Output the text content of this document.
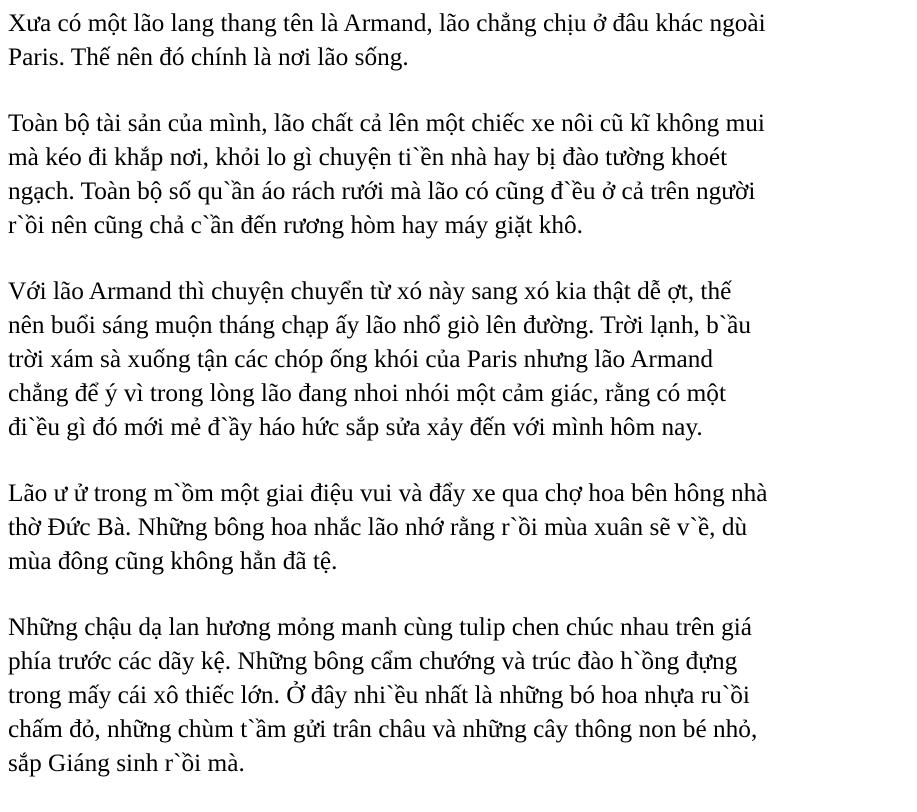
Xưa có một lão lang thang tên là Armand, lão chẳng chịu ở đâu khác ngoài
Paris. Thế nên đó chính là nơi lão sống.

Toàn bộ tài sản của mình, lão chất cả lên một chiếc xe nôi cũ kĩ không mui
mà kéo đi khắp nơi, khỏi lo gì chuyện ti`ền nhà hay bị đào tường khoét
ngạch. Toàn bộ số qu`ần áo rách rưới mà lão có cũng đ`ều ở cả trên người
r`ồi nên cũng chả c`ần đến rương hòm hay máy giặt khô.

Với lão Armand thì chuyện chuyển từ xó này sang xó kia thật dễ ợt, thế
nên buổi sáng muộn tháng chạp ấy lão nhổ giò lên đường. Trời lạnh, b`ầu
trời xám sà xuống tận các chóp ống khói của Paris nhưng lão Armand
chẳng để ý vì trong lòng lão đang nhoi nhói một cảm giác, rằng có một
đi`ều gì đó mới mẻ đ`ầy háo hức sắp sửa xảy đến với mình hôm nay.

Lão ư ử trong m`ồm một giai điệu vui và đẩy xe qua chợ hoa bên hông nhà
thờ Đức Bà. Những bông hoa nhắc lão nhớ rằng r`ồi mùa xuân sẽ v`ề, dù
mùa đông cũng không hẳn đã tệ.

Những chậu dạ lan hương mỏng manh cùng tulip chen chúc nhau trên giá
phía trước các dãy kệ. Những bông cẩm chướng và trúc đào h`ồng đựng
trong mấy cái xô thiếc lớn. Ở đây nhi`ều nhất là những bó hoa nhựa ru`ồi
chấm đỏ, những chùm t`ầm gửi trân châu và những cây thông non bé nhỏ,
sắp Giáng sinh r`ồi mà.
